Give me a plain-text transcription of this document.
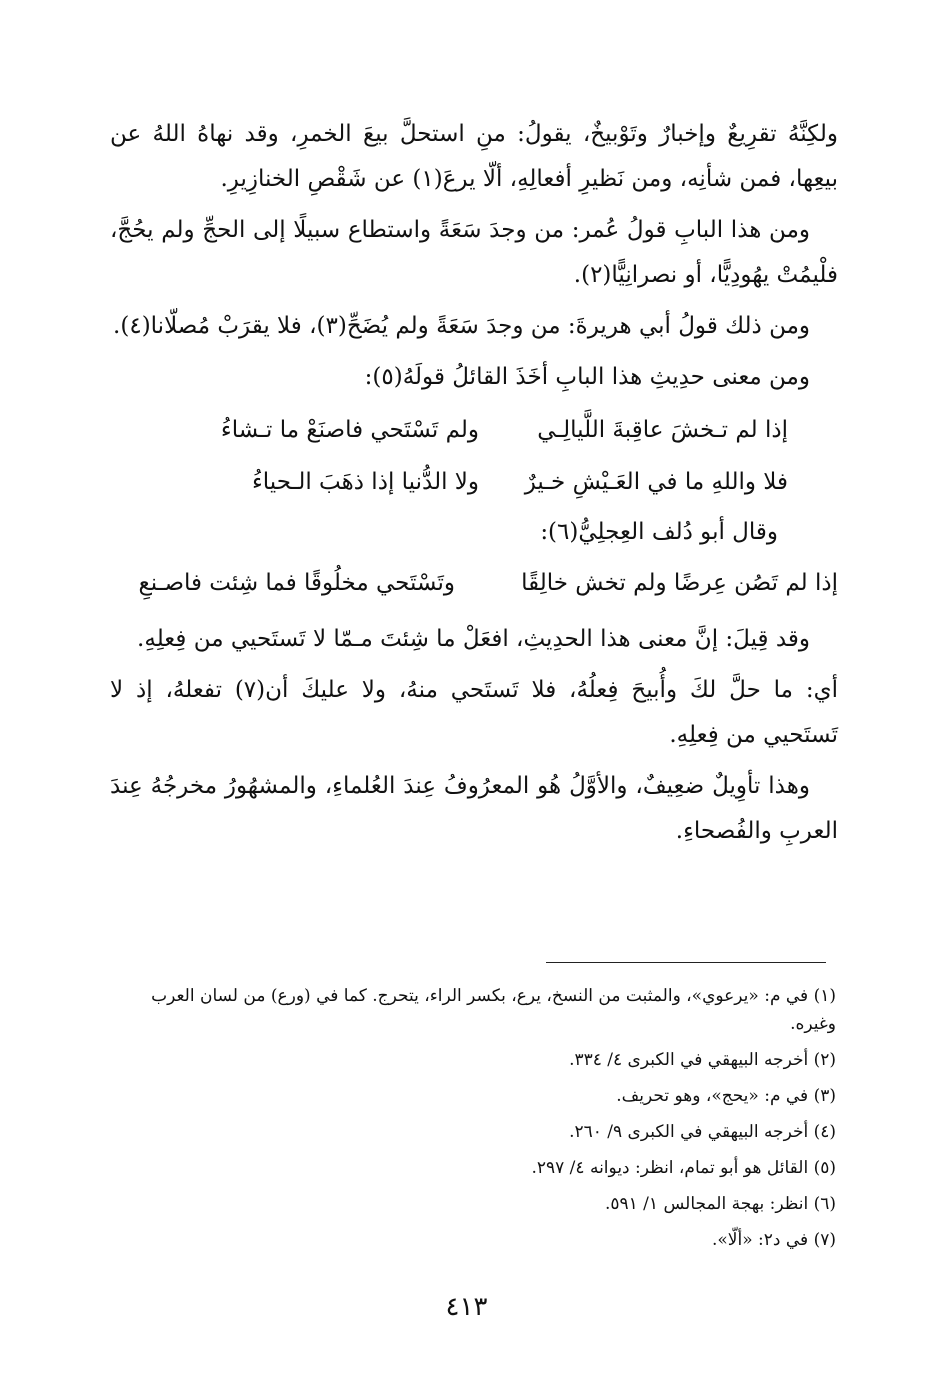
ولكِنَّهُ تقرِيعٌ وإخبارٌ وتَوْبيخٌ، يقولُ: منِ استحلَّ بيعَ الخمرِ، وقد نهاهُ اللهُ عن بيعِها، فمن شأنِه، ومن نَظيرِ أفعالِهِ، ألّا يرعَ(١) عن شَقْصِ الخنازِيرِ.

ومن هذا البابِ قولُ عُمر: من وجدَ سَعَةً واستطاع سبيلًا إلى الحجِّ ولم يحُجَّ، فلْيمُتْ يهُودِيًّا، أو نصرانِيًّا(٢).

ومن ذلك قولُ أبي هريرةَ: من وجدَ سَعَةً ولم يُضَحِّ(٣)، فلا يقرَبْ مُصلّانا(٤).

ومن معنى حدِيثِ هذا البابِ أخَذَ القائلُ قولَهُ(٥):

إذا لم تـخشَ عاقِبةَ اللَّيالِـي
ولم تَسْتَحي فاصنَعْ ما تـشاءُ
فلا واللهِ ما في العَـيْشِ خـيرٌ
ولا الدُّنيا إذا ذهَبَ الـحياءُ
وقال أبو دُلف العِجلِيُّ(٦):
إذا لم تَصُن عِرضًا ولم تخش خالِقًا
وتَسْتَحي مخلُوقًا فما شِئت فاصـنعِ

وقد قِيلَ: إنَّ معنى هذا الحدِيثِ، افعَلْ ما شِئتَ مـمّا لا تَستَحيي من فِعلِهِ.

أي: ما حلَّ لكَ وأُبيحَ فِعلُهُ، فلا تَستَحي منهُ، ولا عليكَ أن(٧) تفعلهُ، إذ لا تَستَحيي من فِعلِهِ.

وهذا تأوِيلٌ ضعِيفٌ، والأوَّلُ هُو المعرُوفُ عِندَ العُلماءِ، والمشهُورُ مخرجُهُ عِندَ العربِ والفُصحاءِ.

(١) في م: «يرعوي»، والمثبت من النسخ، يرع، بكسر الراء، يتحرج. كما في (ورع) من لسان العرب وغيره.

(٢) أخرجه البيهقي في الكبرى ٤/ ٣٣٤.

(٣) في م: «يحج»، وهو تحريف.

(٤) أخرجه البيهقي في الكبرى ٩/ ٢٦٠.

(٥) القائل هو أبو تمام، انظر: ديوانه ٤/ ٢٩٧.

(٦) انظر: بهجة المجالس ١/ ٥٩١.

(٧) في د٢: «ألّا».

٤١٣
